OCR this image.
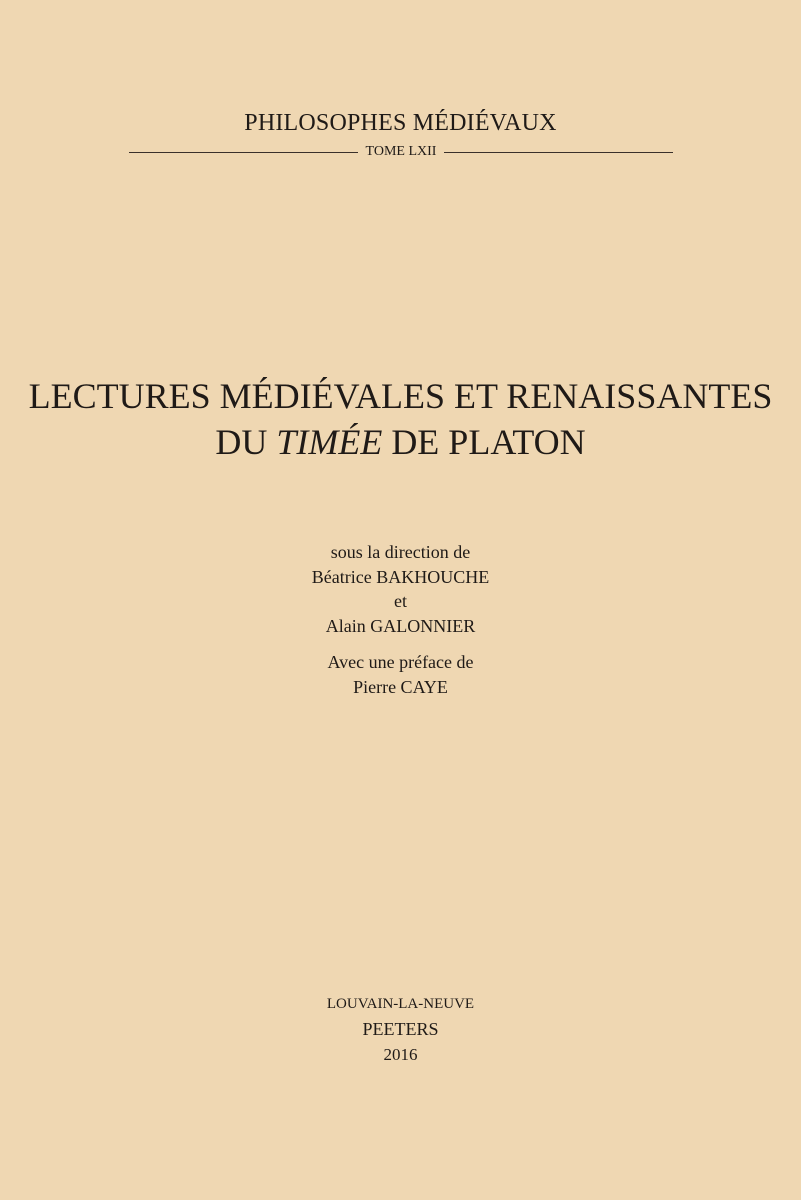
PHILOSOPHES MÉDIÉVAUX
TOME LXII
LECTURES MÉDIÉVALES ET RENAISSANTES
DU TIMÉE DE PLATON
sous la direction de
Béatrice BAKHOUCHE
et
Alain GALONNIER
Avec une préface de
Pierre CAYE
LOUVAIN-LA-NEUVE
PEETERS
2016
